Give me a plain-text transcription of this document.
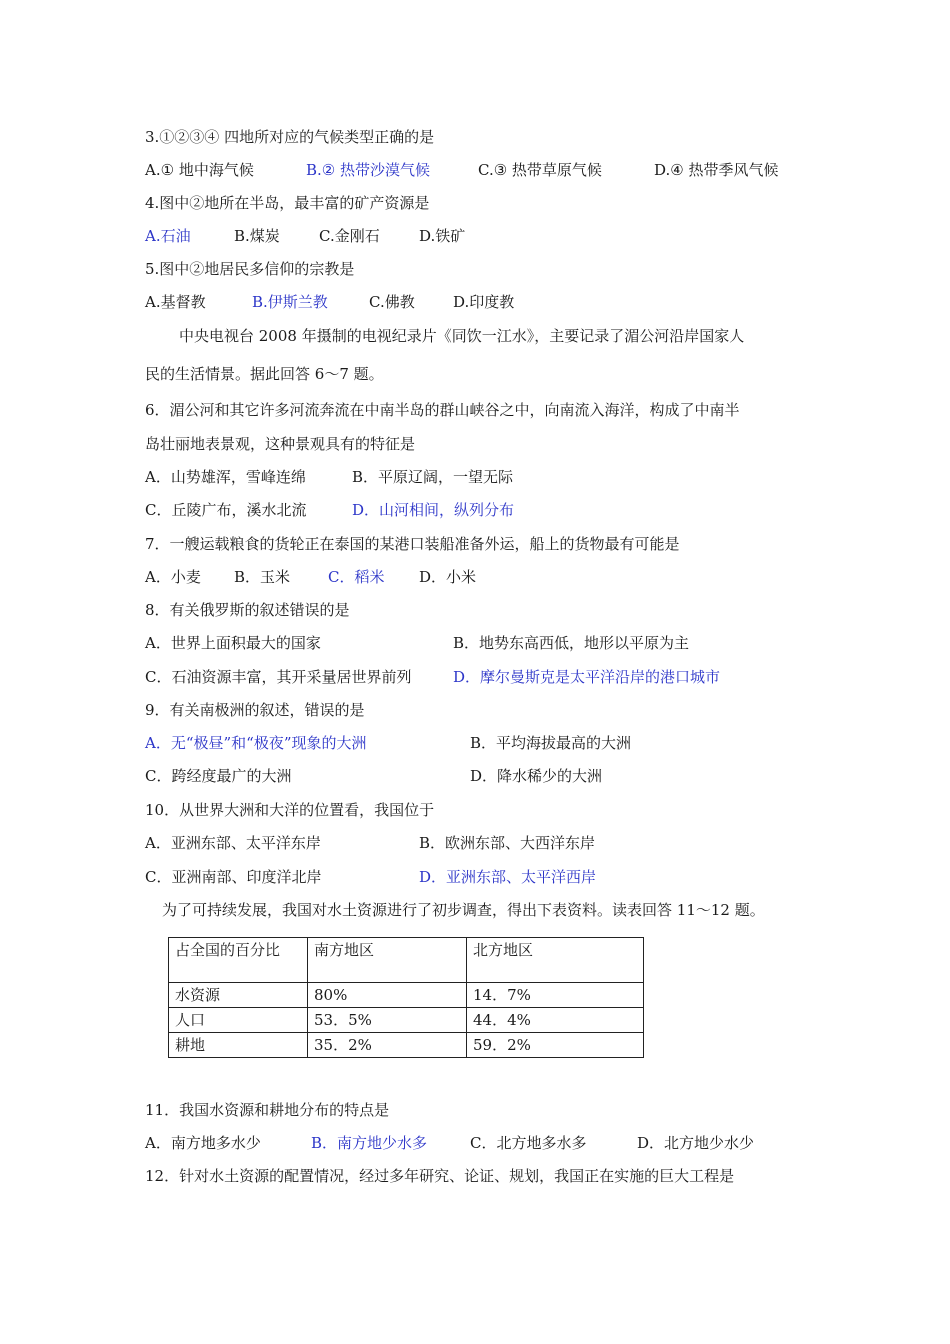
3.①②③④ 四地所对应的气候类型正确的是
A.① 地中海气候	B.② 热带沙漠气候	C.③ 热带草原气候	D.④ 热带季风气候
4.图中②地所在半岛，最丰富的矿产资源是
A.石油	B.煤炭	C.金刚石	D.铁矿
5.图中②地居民多信仰的宗教是
A.基督教	B.伊斯兰教	C.佛教	D.印度教
中央电视台 2008 年摄制的电视纪录片《同饮一江水》，主要记录了湄公河沿岸国家人
民的生活情景。据此回答 6～7 题。
6．湄公河和其它许多河流奔流在中南半岛的群山峡谷之中，向南流入海洋，构成了中南半
岛壮丽地表景观，这种景观具有的特征是
A．山势雄浑，雪峰连绵	B．平原辽阔，一望无际
C．丘陵广布，溪水北流	D．山河相间，纵列分布
7．一艘运载粮食的货轮正在泰国的某港口装船准备外运，船上的货物最有可能是
A．小麦 B．玉米	C．稻米 D．小米
8．有关俄罗斯的叙述错误的是
A．世界上面积最大的国家	B．地势东高西低，地形以平原为主
C．石油资源丰富，其开采量居世界前列	D．摩尔曼斯克是太平洋沿岸的港口城市
9．有关南极洲的叙述，错误的是
A．无“极昼”和“极夜”现象的大洲	B．平均海拔最高的大洲
C．跨经度最广的大洲	D．降水稀少的大洲
10．从世界大洲和大洋的位置看，我国位于
A．亚洲东部、太平洋东岸	B．欧洲东部、大西洋东岸
C．亚洲南部、印度洋北岸	D．亚洲东部、太平洋西岸
为了可持续发展，我国对水土资源进行了初步调查，得出下表资料。读表回答 11～12 题。
占全国的百分比	南方地区	北方地区
水资源	80%	14．7%
人口	53．5%	44．4%
耕地	35．2%	59．2%
11．我国水资源和耕地分布的特点是
A．南方地多水少	B．南方地少水多	C．北方地多水多	D．北方地少水少
12．针对水土资源的配置情况，经过多年研究、论证、规划，我国正在实施的巨大工程是
